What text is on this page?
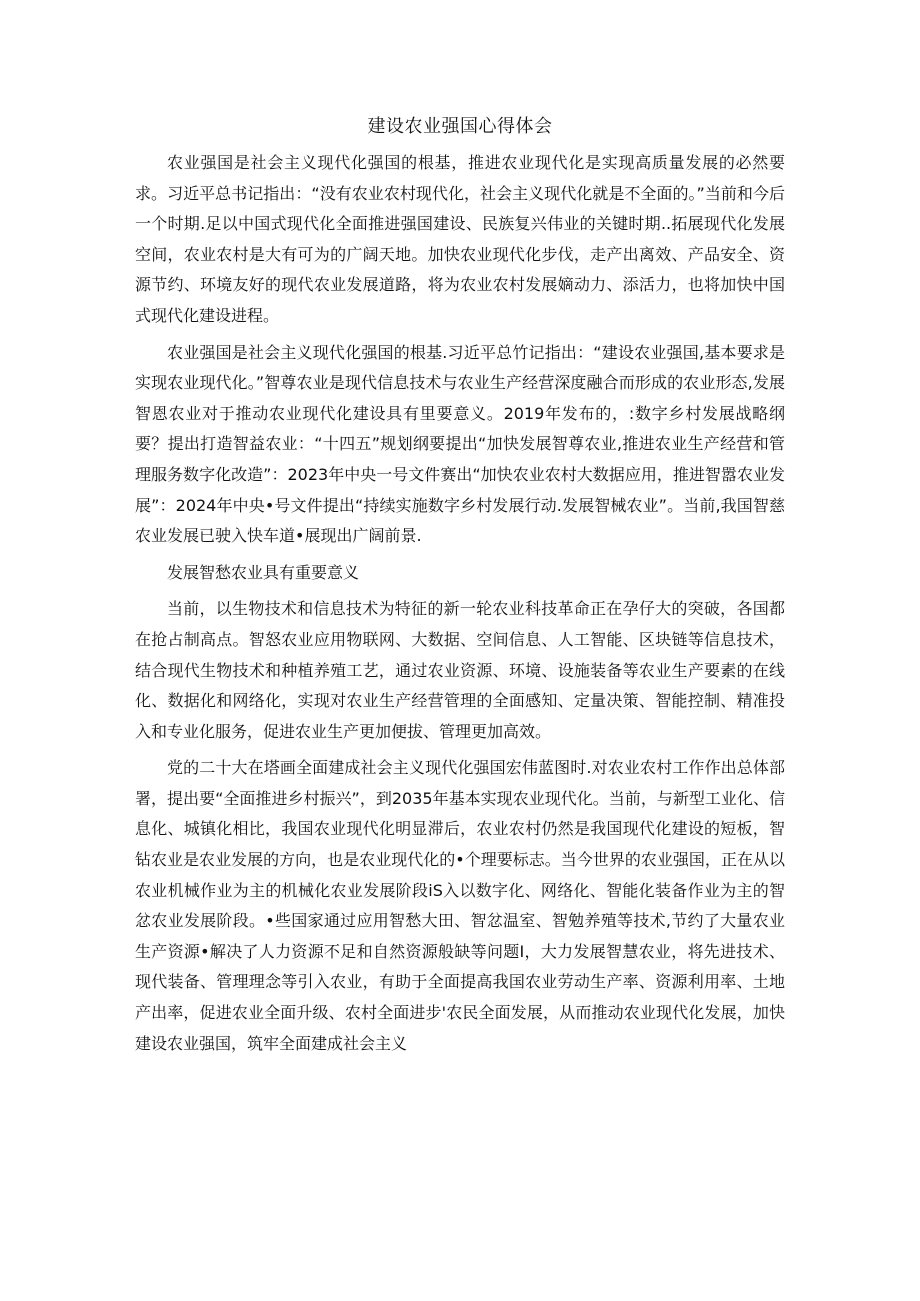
建设农业强国心得体会

农业强国是社会主义现代化强国的根基，推进农业现代化是实现高质量发展的必然要求。习近平总书记指出：“没有农业农村现代化，社会主义现代化就是不全面的。”当前和今后一个时期.足以中国式现代化全面推进强国建设、民族复兴伟业的关键时期..拓展现代化发展空间，农业农村是大有可为的广阔天地。加快农业现代化步伐，走产出离效、产品安全、资源节约、环境友好的现代农业发展道路，将为农业农村发展嫡动力、添活力，也将加快中国式现代化建设进程。

农业强国是社会主义现代化强国的根基.习近平总竹记指出：“建设农业强国,基本要求是实现农业现代化。”智尊农业是现代信息技术与农业生产经营深度融合而形成的农业形态,发展智恩农业对于推动农业现代化建设具有里要意义。2019年发布的，:数字乡村发展战略纲要？提出打造智益农业：“十四五”规划纲要提出“加快发展智尊农业,推进农业生产经营和管理服务数字化改造”：2023年中央一号文件赛出“加快农业农村大数据应用，推进智嚣农业发展”：2024年中央•号文件提出“持续实施数字乡村发展行动.发展智械农业”。当前,我国智慈农业发展已驶入快车道•展现出广阔前景.

发展智愁农业具有重要意义

当前，以生物技术和信息技术为特征的新一轮农业科技革命正在孕仔大的突破，各国都在抢占制高点。智怒农业应用物联网、大数据、空间信息、人工智能、区块链等信息技术，结合现代生物技术和种植养殖工艺，通过农业资源、环境、设施装备等农业生产要素的在线化、数据化和网络化，实现对农业生产经营管理的全面感知、定量决策、智能控制、精准投入和专业化服务，促进农业生产更加便拔、管理更加高效。

党的二十大在塔画全面建成社会主义现代化强国宏伟蓝图时.对农业农村工作作出总体部署，提出要“全面推进乡村振兴”，到2035年基本实现农业现代化。当前，与新型工业化、信息化、城镇化相比，我国农业现代化明显滞后，农业农村仍然是我国现代化建设的短板，智钻农业是农业发展的方向，也是农业现代化的•个理要标志。当今世界的农业强国，正在从以农业机械作业为主的机械化农业发展阶段iS入以数字化、网络化、智能化装备作业为主的智忿农业发展阶段。•些国家通过应用智愁大田、智忿温室、智勉养殖等技术,节约了大量农业生产资源•解决了人力资源不足和自然资源般缺等问题I，大力发展智慧农业，将先进技术、现代装备、管理理念等引入农业，有助于全面提高我国农业劳动生产率、资源利用率、土地产出率，促进农业全面升级、农村全面进步'农民全面发展，从而推动农业现代化发展，加快建设农业强国，筑牢全面建成社会主义
